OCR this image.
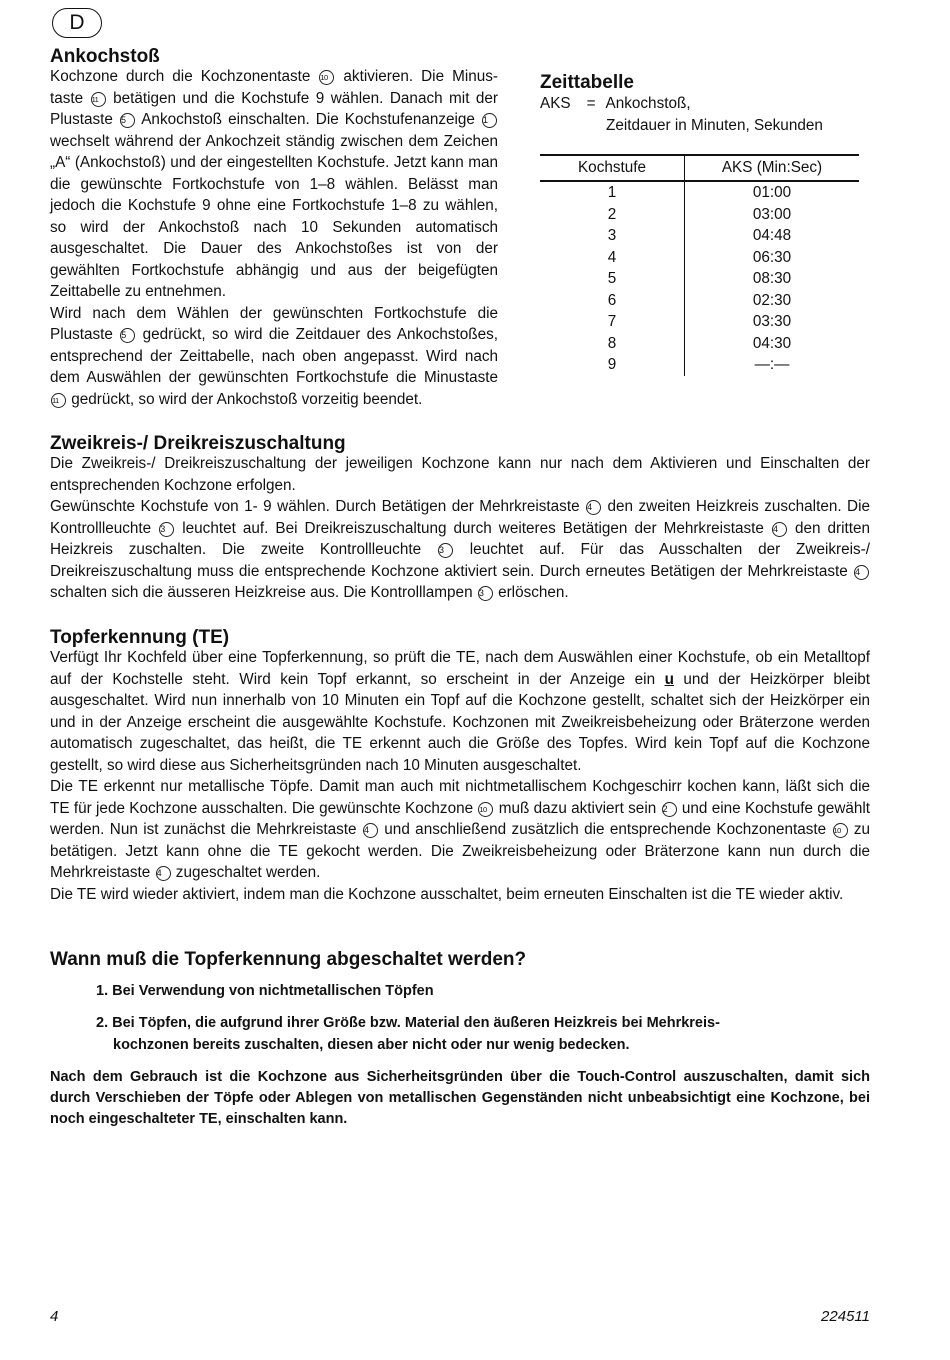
D
Ankochstoß

Kochzone durch die Kochzonentaste 10 aktivieren. Die Minustaste 11 betätigen und die Kochstufe 9 wählen. Danach mit der Plustaste 5 Ankochstoß einschalten. Die Kochstufenanzeige 1 wechselt während der Ankochzeit ständig zwischen dem Zeichen „A“ (Ankochstoß) und der eingestellten Kochstufe. Jetzt kann man die gewünschte Fortkochstufe von 1–8 wählen. Belässt man jedoch die Kochstufe 9 ohne eine Fortkochstufe 1–8 zu wählen, so wird der Ankochstoß nach 10 Sekunden automatisch ausgeschaltet. Die Dauer des Ankochstoßes ist von der gewählten Fortkochstufe abhängig und aus der beigefügten Zeittabelle zu entnehmen.

Wird nach dem Wählen der gewünschten Fortkochstufe die Plustaste 5 gedrückt, so wird die Zeitdauer des Ankochstoßes, entsprechend der Zeittabelle, nach oben angepasst. Wird nach dem Auswählen der gewünschten Fortkochstufe die Minustaste 11 gedrückt, so wird der Ankochstoß vorzeitig beendet.

Zeittabelle
AKS = Ankochstoß,
Zeitdauer in Minuten, Sekunden
Kochstufe	AKS (Min:Sec)
1	01:00
2	03:00
3	04:48
4	06:30
5	08:30
6	02:30
7	03:30
8	04:30
9	—:—
Zweikreis-/ Dreikreiszuschaltung

Die Zweikreis-/ Dreikreiszuschaltung der jeweiligen Kochzone kann nur nach dem Aktivieren und Einschalten der entsprechenden Kochzone erfolgen.

Gewünschte Kochstufe von 1- 9 wählen. Durch Betätigen der Mehrkreistaste 4 den zweiten Heizkreis zuschalten. Die Kontrollleuchte 3 leuchtet auf. Bei Dreikreiszuschaltung durch weiteres Betätigen der Mehrkreistaste 4 den dritten Heizkreis zuschalten. Die zweite Kontrollleuchte 3 leuchtet auf. Für das Ausschalten der Zweikreis-/ Dreikreiszuschaltung muss die entsprechende Kochzone aktiviert sein. Durch erneutes Betätigen der Mehrkreistaste 4 schalten sich die äusseren Heizkreise aus. Die Kontrolllampen 3 erlöschen.

Topferkennung (TE)

Verfügt Ihr Kochfeld über eine Topferkennung, so prüft die TE, nach dem Auswählen einer Kochstufe, ob ein Metalltopf auf der Kochstelle steht. Wird kein Topf erkannt, so erscheint in der Anzeige ein u und der Heizkörper bleibt ausgeschaltet. Wird nun innerhalb von 10 Minuten ein Topf auf die Kochzone gestellt, schaltet sich der Heizkörper ein und in der Anzeige erscheint die ausgewählte Kochstufe. Kochzonen mit Zweikreisbeheizung oder Bräterzone werden automatisch zugeschaltet, das heißt, die TE erkennt auch die Größe des Topfes. Wird kein Topf auf die Kochzone gestellt, so wird diese aus Sicherheitsgründen nach 10 Minuten ausgeschaltet.

Die TE erkennt nur metallische Töpfe. Damit man auch mit nichtmetallischem Kochgeschirr kochen kann, läßt sich die TE für jede Kochzone ausschalten. Die gewünschte Kochzone 10 muß dazu aktiviert sein 2 und eine Kochstufe gewählt werden. Nun ist zunächst die Mehrkreistaste 4 und anschließend zusätzlich die entsprechende Kochzonentaste 10 zu betätigen. Jetzt kann ohne die TE gekocht werden. Die Zweikreisbeheizung oder Bräterzone kann nun durch die Mehrkreistaste 4 zugeschaltet werden.

Die TE wird wieder aktiviert, indem man die Kochzone ausschaltet, beim erneuten Einschalten ist die TE wieder aktiv.

Wann muß die Topferkennung abgeschaltet werden?
1. Bei Verwendung von nichtmetallischen Töpfen
2. Bei Töpfen, die aufgrund ihrer Größe bzw. Material den äußeren Heizkreis bei Mehrkreis-
kochzonen bereits zuschalten, diesen aber nicht oder nur wenig bedecken.
Nach dem Gebrauch ist die Kochzone aus Sicherheitsgründen über die Touch-Control auszuschalten, damit sich durch Verschieben der Töpfe oder Ablegen von metallischen Gegenständen nicht unbeabsichtigt eine Kochzone, bei noch eingeschalteter TE, einschalten kann.
4	224511
